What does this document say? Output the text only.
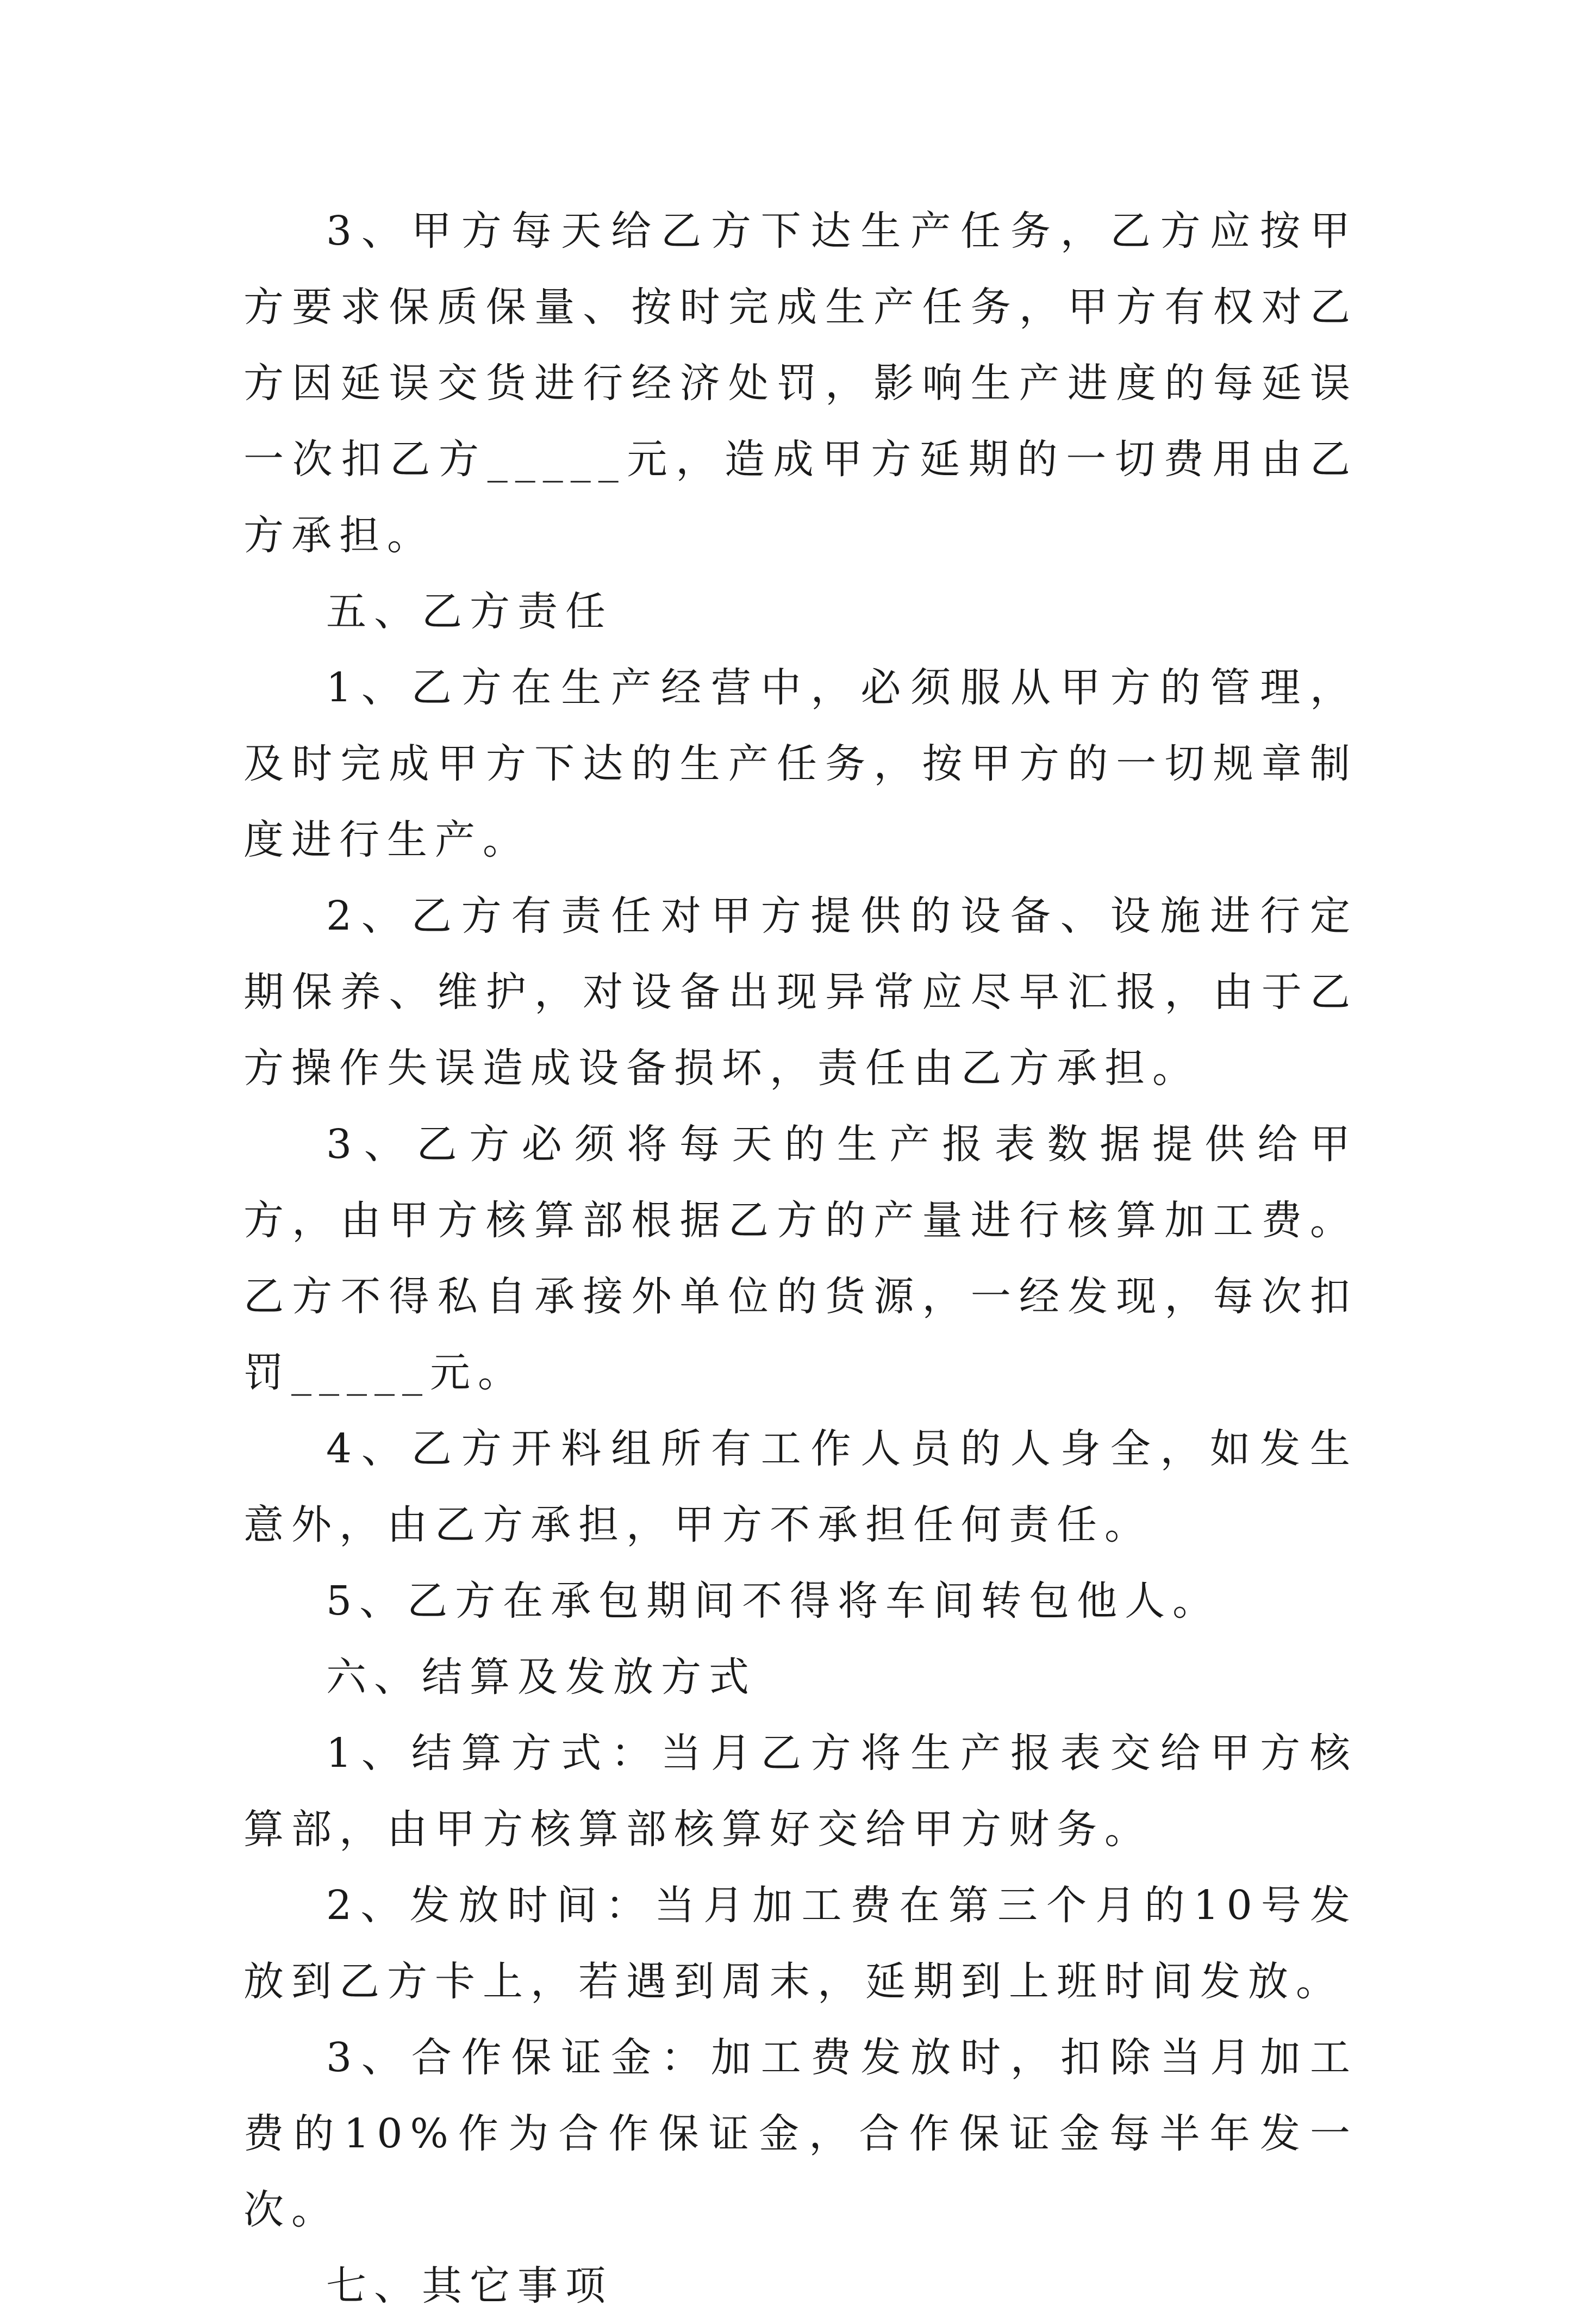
3、甲方每天给乙方下达生产任务，乙方应按甲方要求保质保量、按时完成生产任务，甲方有权对乙方因延误交货进行经济处罚，影响生产进度的每延误一次扣乙方_____元，造成甲方延期的一切费用由乙方承担。

五、乙方责任

1、乙方在生产经营中，必须服从甲方的管理，及时完成甲方下达的生产任务，按甲方的一切规章制度进行生产。

2、乙方有责任对甲方提供的设备、设施进行定期保养、维护，对设备出现异常应尽早汇报，由于乙方操作失误造成设备损坏，责任由乙方承担。

3、乙方必须将每天的生产报表数据提供给甲方，由甲方核算部根据乙方的产量进行核算加工费。乙方不得私自承接外单位的货源，一经发现，每次扣罚_____元。

4、乙方开料组所有工作人员的人身全，如发生意外，由乙方承担，甲方不承担任何责任。

5、乙方在承包期间不得将车间转包他人。

六、结算及发放方式

1、结算方式：当月乙方将生产报表交给甲方核算部，由甲方核算部核算好交给甲方财务。

2、发放时间：当月加工费在第三个月的10号发放到乙方卡上，若遇到周末，延期到上班时间发放。

3、合作保证金：加工费发放时，扣除当月加工费的10%作为合作保证金，合作保证金每半年发一次。

七、其它事项
